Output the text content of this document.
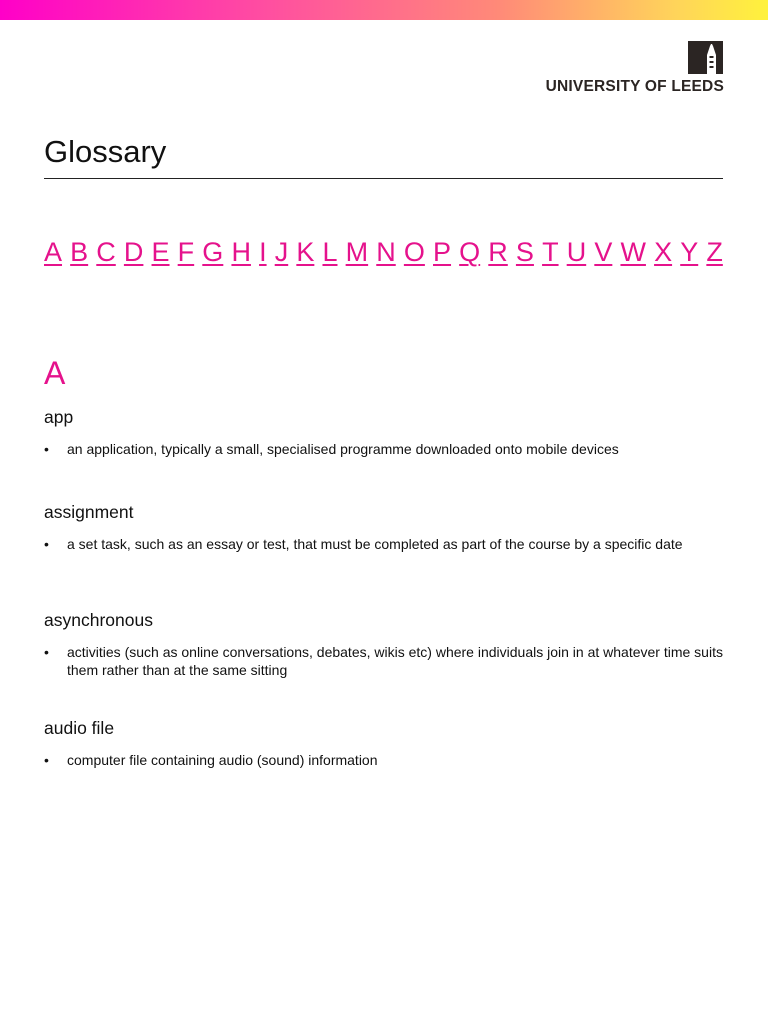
UNIVERSITY OF LEEDS
Glossary
A B C D E F G H I J K L M N O P Q R S T U V W X Y Z
A
app
• an application, typically a small, specialised programme downloaded onto mobile devices
assignment
• a set task, such as an essay or test, that must be completed as part of the course by a specific date
asynchronous
• activities (such as online conversations, debates, wikis etc) where individuals join in at whatever time suits them rather than at the same sitting
audio file
• computer file containing audio (sound) information
